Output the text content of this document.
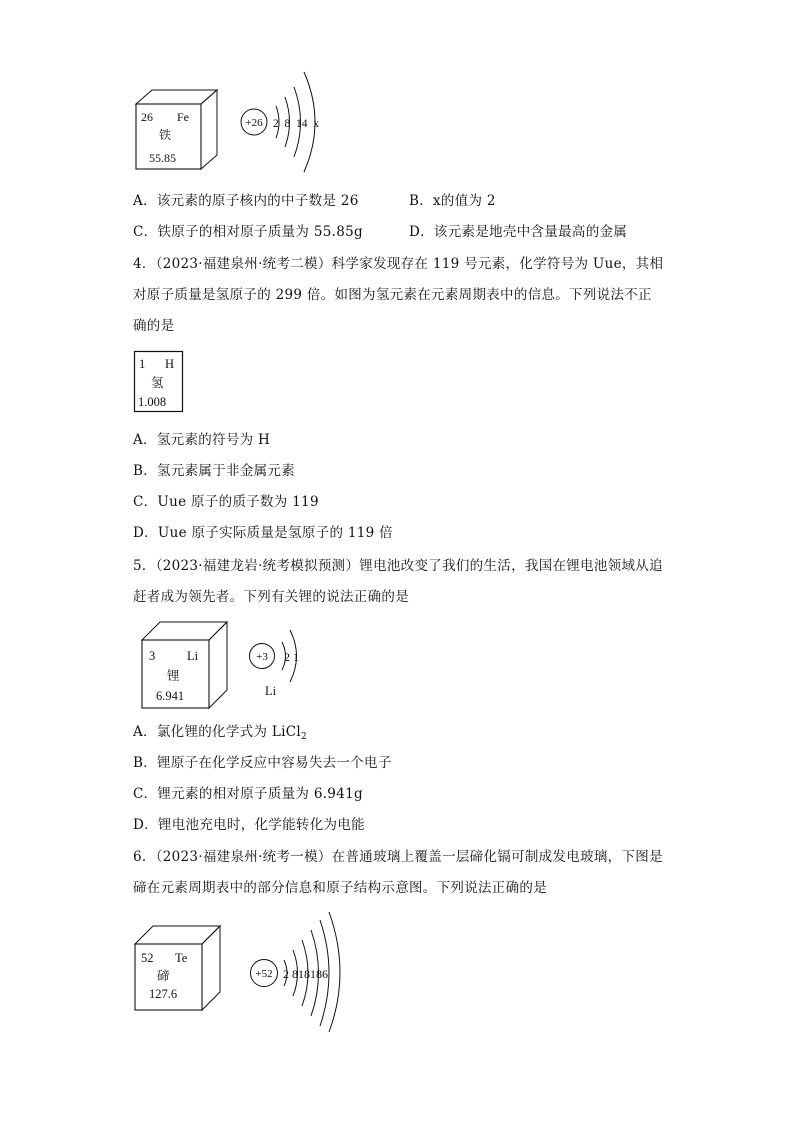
26 Fe
铁
55.85
+26 2  8  14  x
A．该元素的原子核内的中子数是 26	B．x的值为 2
C．铁原子的相对原子质量为 55.85g	D．该元素是地壳中含量最高的金属
4．（2023·福建泉州·统考二模）科学家发现存在 119 号元素，化学符号为 Uue，其相
对原子质量是氢原子的 299 倍。如图为氢元素在元素周期表中的信息。下列说法不正
确的是
1 H
氢
1.008
A．氢元素的符号为 H
B．氢元素属于非金属元素
C．Uue 原子的质子数为 119
D．Uue 原子实际质量是氢原子的 119 倍
5．（2023·福建龙岩·统考模拟预测）锂电池改变了我们的生活，我国在锂电池领域从追
赶者成为领先者。下列有关锂的说法正确的是
3	Li
锂
6.941
+3 2 1
Li
A．氯化锂的化学式为 LiCl$_2$
B．锂原子在化学反应中容易失去一个电子
C．锂元素的相对原子质量为 6.941g
D．锂电池充电时，化学能转化为电能
6．（2023·福建泉州·统考一模）在普通玻璃上覆盖一层碲化镉可制成发电玻璃，下图是
碲在元素周期表中的部分信息和原子结构示意图。下列说法正确的是
52 Te
碲
127.6
+52 2 818186
